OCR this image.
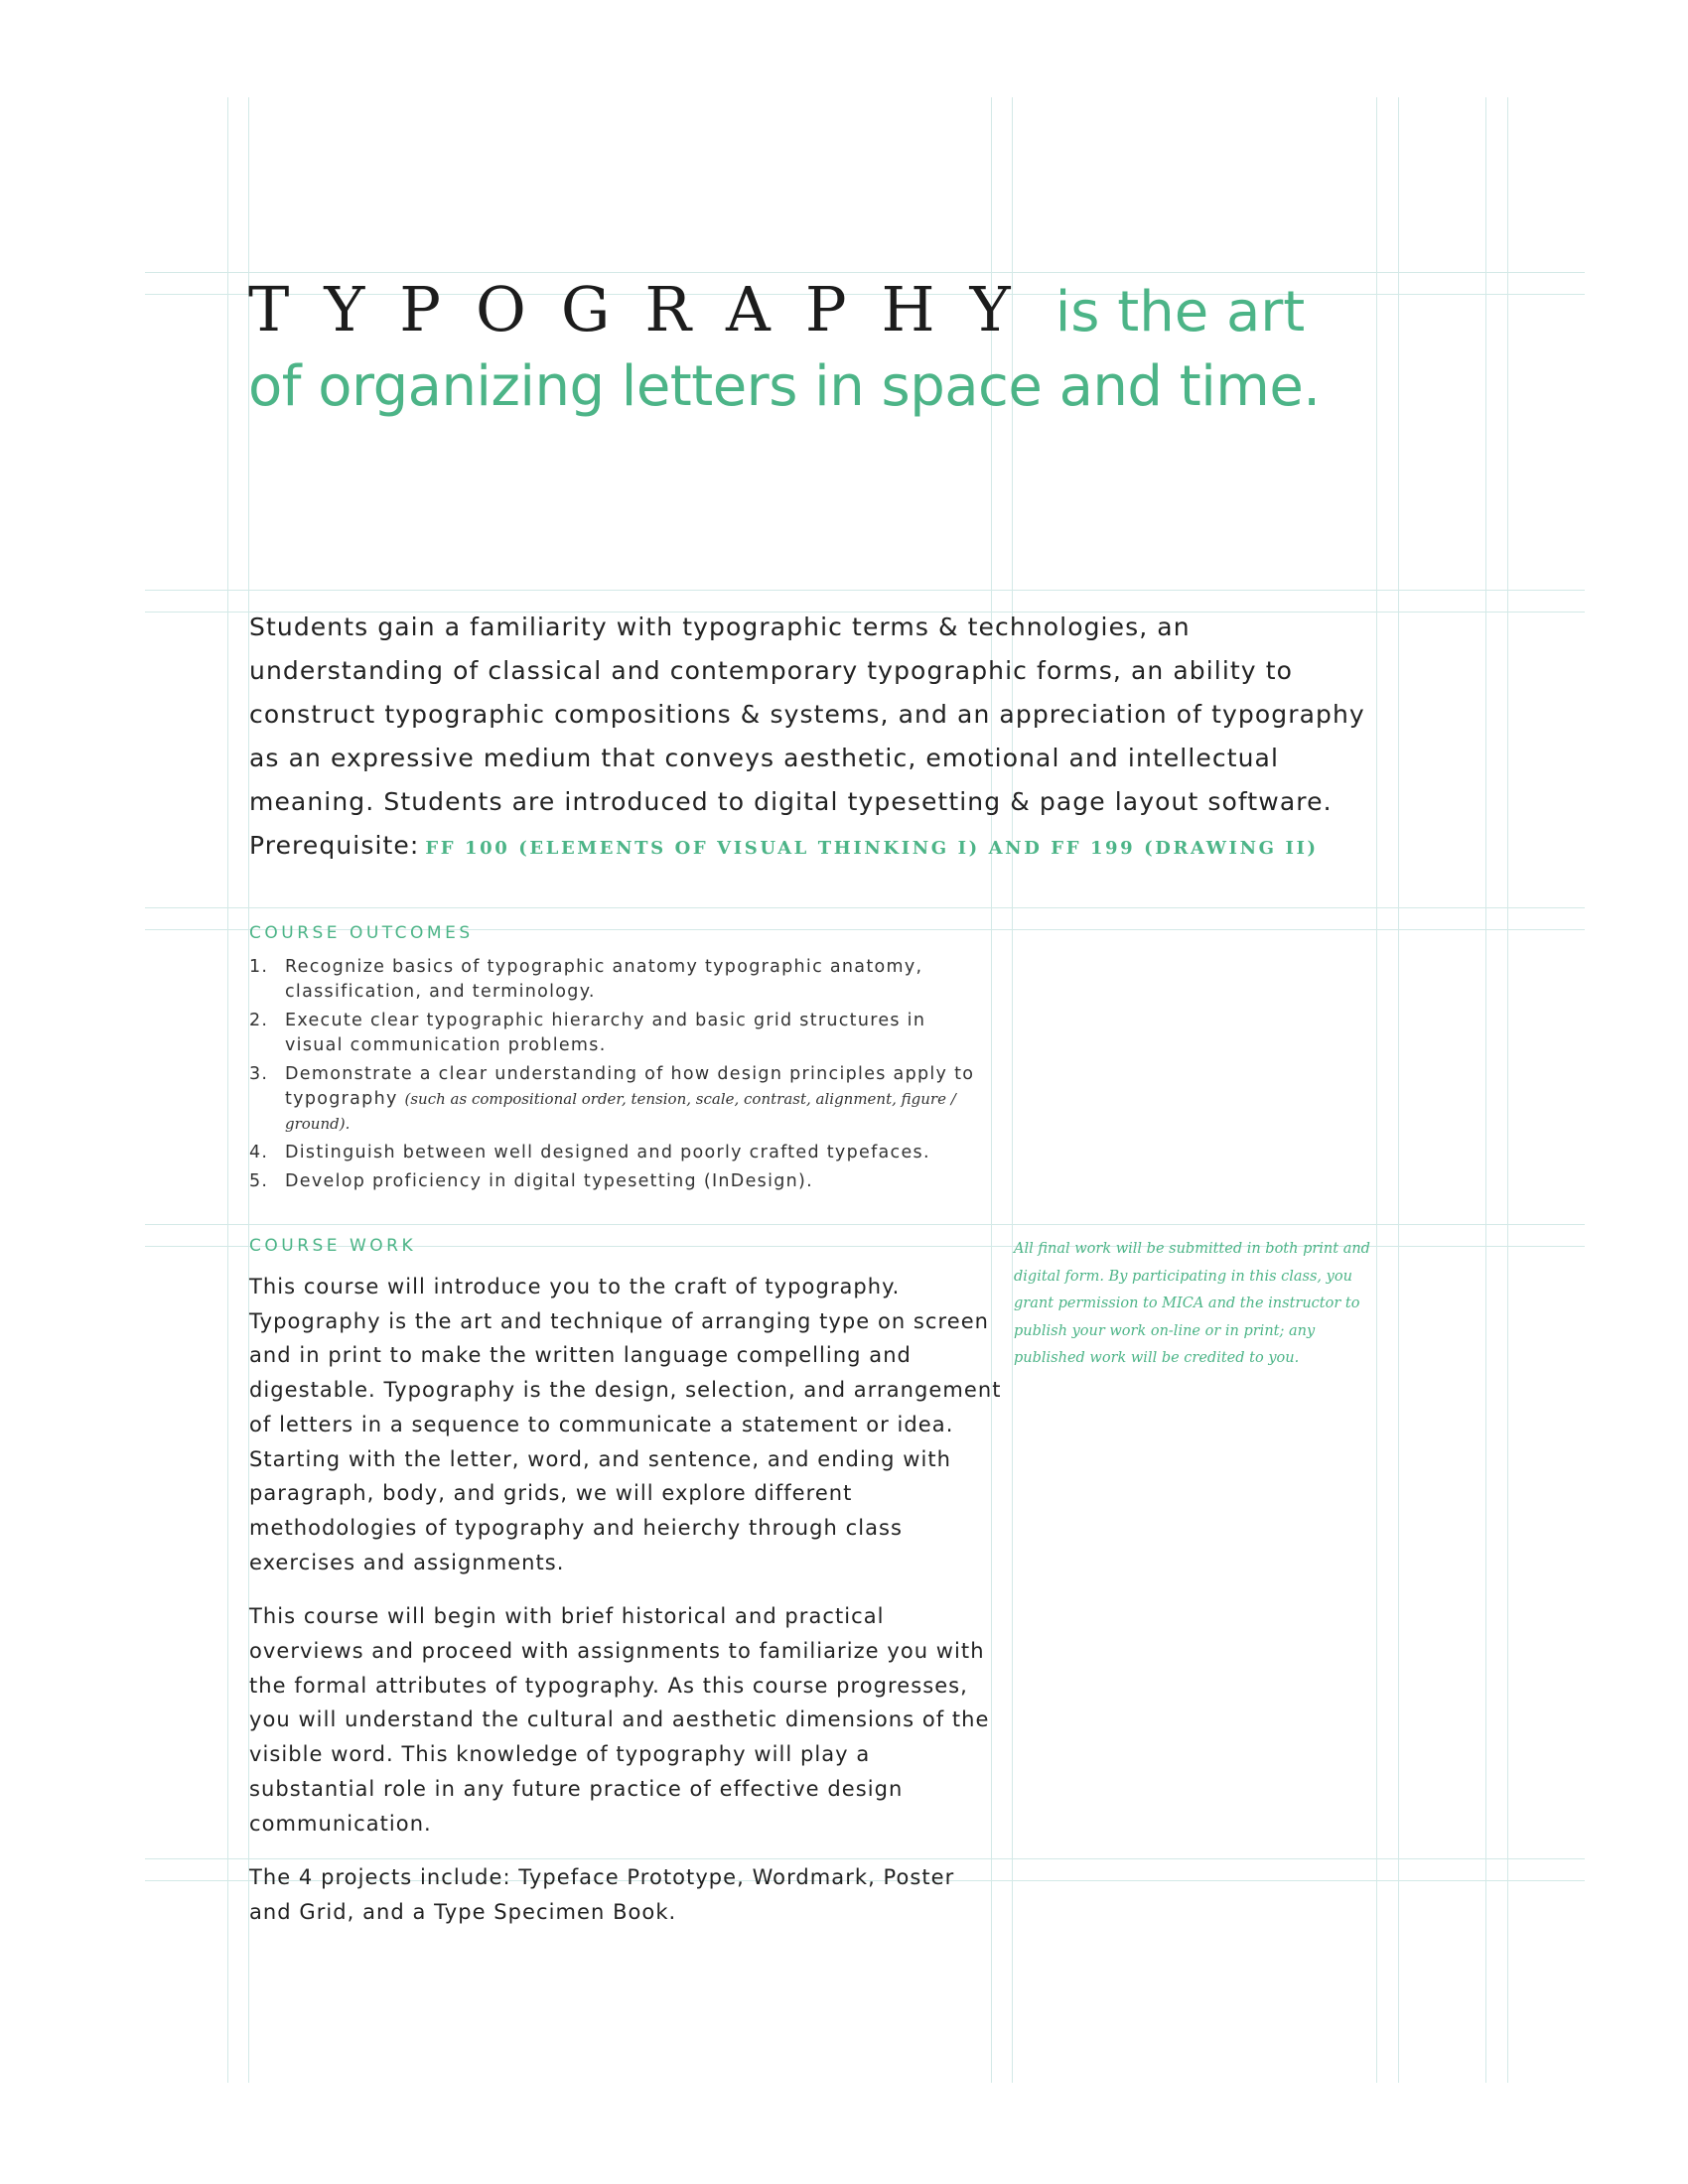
TYPOGRAPHY is the art
of organizing letters in space and time.

Students gain a familiarity with typographic terms & technologies, an understanding of classical and contemporary typographic forms, an ability to construct typographic compositions & systems, and an appreciation of typography as an expressive medium that conveys aesthetic, emotional and intellectual meaning. Students are introduced to digital typesetting & page layout software.
Prerequisite: FF 100 (ELEMENTS OF VISUAL THINKING I) AND FF 199 (DRAWING II)

COURSE OUTCOMES
1. Recognize basics of typographic anatomy typographic anatomy, classification, and terminology.
2. Execute clear typographic hierarchy and basic grid structures in visual communication problems.
3. Demonstrate a clear understanding of how design principles apply to typography (such as compositional order, tension, scale, contrast, alignment, figure / ground).
4. Distinguish between well designed and poorly crafted typefaces.
5. Develop proficiency in digital typesetting (InDesign).
COURSE WORK

This course will introduce you to the craft of typography. Typography is the art and technique of arranging type on screen and in print to make the written language compelling and digestable. Typography is the design, selection, and arrangement of letters in a sequence to communicate a statement or idea. Starting with the letter, word, and sentence, and ending with paragraph, body, and grids, we will explore different methodologies of typography and heierchy through class exercises and assignments.

This course will begin with brief historical and practical overviews and proceed with assignments to familiarize you with the formal attributes of typography. As this course progresses, you will understand the cultural and aesthetic dimensions of the visible word. This knowledge of typography will play a substantial role in any future practice of effective design communication.

The 4 projects include: Typeface Prototype, Wordmark, Poster and Grid, and a Type Specimen Book.

All final work will be submitted in both print and digital form. By participating in this class, you grant permission to MICA and the instructor to publish your work on-line or in print; any published work will be credited to you.
